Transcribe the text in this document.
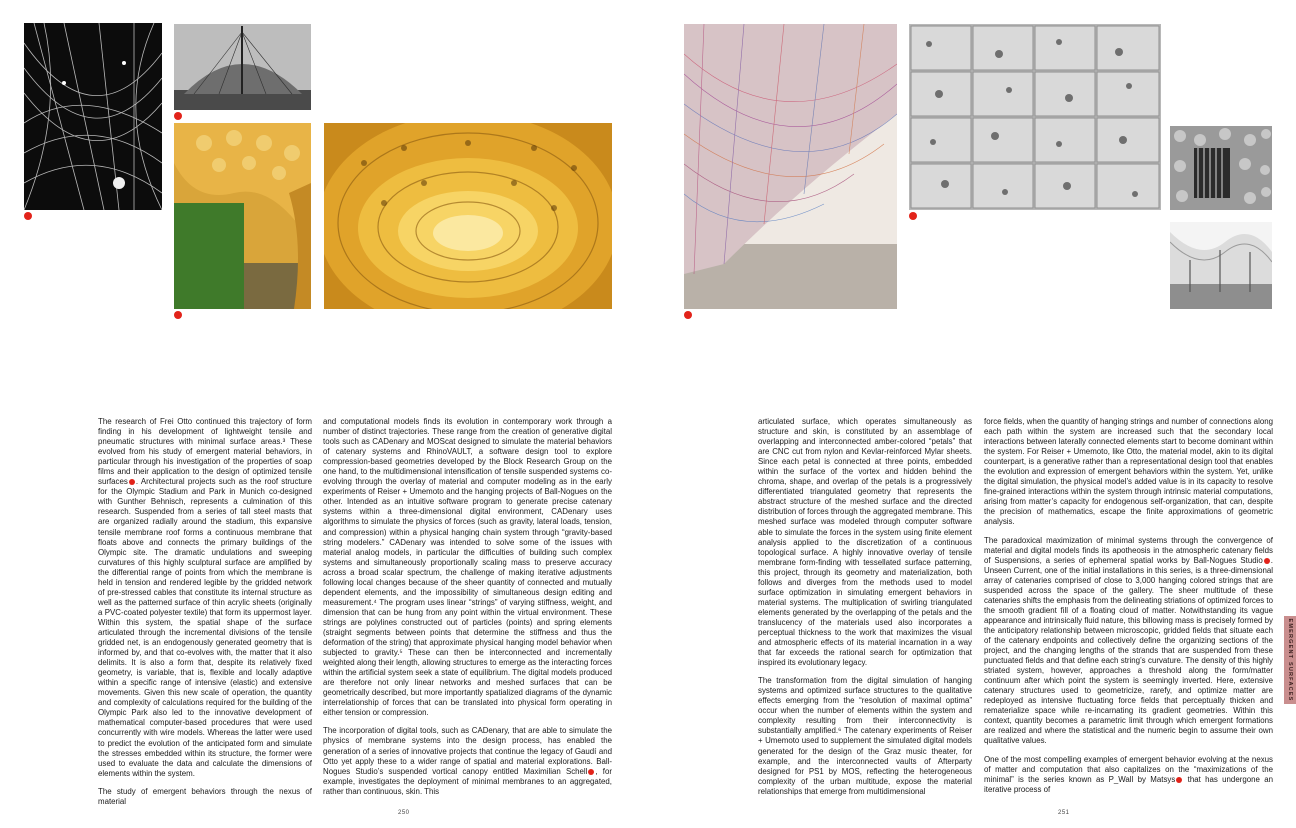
The research of Frei Otto continued this trajectory of form finding in his development of lightweight tensile and pneumatic structures with minimal surface areas.³ These evolved from his study of emergent material behaviors, in particular through his investigation of the properties of soap films and their application to the design of optimized tensile surfaces . Architectural projects such as the roof structure for the Olympic Stadium and Park in Munich co-designed with Gunther Behnisch, represents a culmination of this research. Suspended from a series of tall steel masts that are organized radially around the stadium, this expansive tensile membrane roof forms a continuous membrane that floats above and connects the primary buildings of the Olympic site. The dramatic undulations and sweeping curvatures of this highly sculptural surface are amplified by the differential range of points from which the membrane is held in tension and rendered legible by the gridded network of pre-stressed cables that constitute its internal structure as well as the patterned surface of thin acrylic sheets (originally a PVC-coated polyester textile) that form its uppermost layer. Within this system, the spatial shape of the surface articulated through the incremental divisions of the tensile gridded net, is an endogenously generated geometry that is informed by, and that co-evolves with, the matter that it also delimits. It is also a form that, despite its relatively fixed geometry, is variable, that is, flexible and locally adaptive within a specific range of intensive (elastic) and extensive movements. Given this new scale of operation, the quantity and complexity of calculations required for the building of the Olympic Park also led to the innovative development of mathematical computer-based procedures that were used concurrently with wire models. Whereas the latter were used to predict the evolution of the anticipated form and simulate the stresses embedded within its structure, the former were used to evaluate the data and calculate the dimensions of elements within the system.

The study of emergent behaviors through the nexus of material

and computational models finds its evolution in contemporary work through a number of distinct trajectories. These range from the creation of generative digital tools such as CADenary and MOScat designed to simulate the material behaviors of catenary systems and RhinoVAULT, a software design tool to explore compression-based geometries developed by the Block Research Group on the one hand, to the multidimensional intensification of tensile suspended systems co-evolving through the overlay of material and computer modeling as in the early experiments of Reiser + Umemoto and the hanging projects of Ball-Nogues on the other. Intended as an intuitive software program to generate precise catenary systems within a three-dimensional digital environment, CADenary uses algorithms to simulate the physics of forces (such as gravity, lateral loads, tension, and compression) within a physical hanging chain system through “gravity-based string modelers.” CADenary was intended to solve some of the issues with material analog models, in particular the difficulties of building such complex systems and simultaneously proportionally scaling mass to preserve accuracy across a broad scalar spectrum, the challenge of making iterative adjustments following local changes because of the sheer quantity of connected and mutually dependent elements, and the impossibility of simultaneous design editing and measurement.⁴ The program uses linear “strings” of varying stiffness, weight, and dimension that can be hung from any point within the virtual environment. These strings are polylines constructed out of particles (points) and spring elements (straight segments between points that determine the stiffness and thus the deformation of the string) that approximate physical hanging model behavior when subjected to gravity.⁵ These can then be interconnected and incrementally weighted along their length, allowing structures to emerge as the interacting forces within the artificial system seek a state of equilibrium. The digital models produced are therefore not only linear networks and meshed surfaces that can be geometrically described, but more importantly spatialized diagrams of the dynamic interrelationship of forces that can be translated into physical form operating in either tension or compression.

The incorporation of digital tools, such as CADenary, that are able to simulate the physics of membrane systems into the design process, has enabled the generation of a series of innovative projects that continue the legacy of Gaudí and Otto yet apply these to a wider range of spatial and material explorations. Ball-Nogues Studio’s suspended vortical canopy entitled Maximilian Schell , for example, investigates the deployment of minimal membranes to an aggregated, rather than continuous, skin. This

articulated surface, which operates simultaneously as structure and skin, is constituted by an assemblage of overlapping and interconnected amber-colored “petals” that are CNC cut from nylon and Kevlar-reinforced Mylar sheets. Since each petal is connected at three points, embedded within the surface of the vortex and hidden behind the chroma, shape, and overlap of the petals is a progressively differentiated triangulated geometry that represents the abstract structure of the meshed surface and the directed distribution of forces through the aggregated membrane. This meshed surface was modeled through computer software able to simulate the forces in the system using finite element analysis applied to the discretization of a continuous topological surface. A highly innovative overlay of tensile membrane form-finding with tessellated surface patterning, this project, through its geometry and materialization, both follows and diverges from the methods used to model surface optimization in simulating emergent behaviors in material systems. The multiplication of swirling triangulated elements generated by the overlapping of the petals and the translucency of the materials used also incorporates a perceptual thickness to the work that maximizes the visual and atmospheric effects of its material incarnation in a way that far exceeds the rational search for optimization that inspired its evolutionary legacy.

The transformation from the digital simulation of hanging systems and optimized surface structures to the qualitative effects emerging from the “resolution of maximal optima” occur when the number of elements within the system and complexity resulting from their interconnectivity is substantially amplified.⁶ The catenary experiments of Reiser + Umemoto used to supplement the simulated digital models generated for the design of the Graz music theater, for example, and the interconnected vaults of Afterparty designed for PS1 by MOS, reflecting the heterogeneous complexity of the urban multitude, expose the material relationships that emerge from multidimensional

force fields, when the quantity of hanging strings and number of connections along each path within the system are increased such that the secondary local interactions between laterally connected elements start to become dominant within the system. For Reiser + Umemoto, like Otto, the material model, akin to its digital counterpart, is a generative rather than a representational design tool that enables the evolution and expression of emergent behaviors within the system. Yet, unlike the digital simulation, the physical model’s added value is in its capacity to resolve fine-grained interactions within the system through intrinsic material computations, arising from matter’s capacity for endogenous self-organization, that can, despite the precision of mathematics, escape the finite approximations of geometric analysis.

The paradoxical maximization of minimal systems through the convergence of material and digital models finds its apotheosis in the atmospheric catenary fields of Suspensions, a series of ephemeral spatial works by Ball-Nogues Studio . Unseen Current, one of the initial installations in this series, is a three-dimensional array of catenaries comprised of close to 3,000 hanging colored strings that are suspended across the space of the gallery. The sheer multitude of these catenaries shifts the emphasis from the delineating striations of optimized forces to the smooth gradient fill of a floating cloud of matter. Notwithstanding its vague appearance and intrinsically fluid nature, this billowing mass is precisely formed by the anticipatory relationship between microscopic, gridded fields that situate each of the catenary endpoints and collectively define the organizing sections of the project, and the changing lengths of the strands that are suspended from these punctuated fields and that define each string’s curvature. The density of this highly striated system, however, approaches a threshold along the form/matter continuum after which point the system is seemingly inverted. Here, extensive catenary structures used to geometricize, rarefy, and optimize matter are redeployed as intensive fluctuating force fields that perceptually thicken and rematerialize space while re-incarnating its gradient geometries. Within this context, quantity becomes a parametric limit through which emergent formations are realized and where the statistical and the numeric begin to assume their own qualitative values.

One of the most compelling examples of emergent behavior evolving at the nexus of matter and computation that also capitalizes on the “maximizations of the minimal” is the series known as P_Wall by Matsys that has undergone an iterative process of

250	251
EMERGENT SURFACES
